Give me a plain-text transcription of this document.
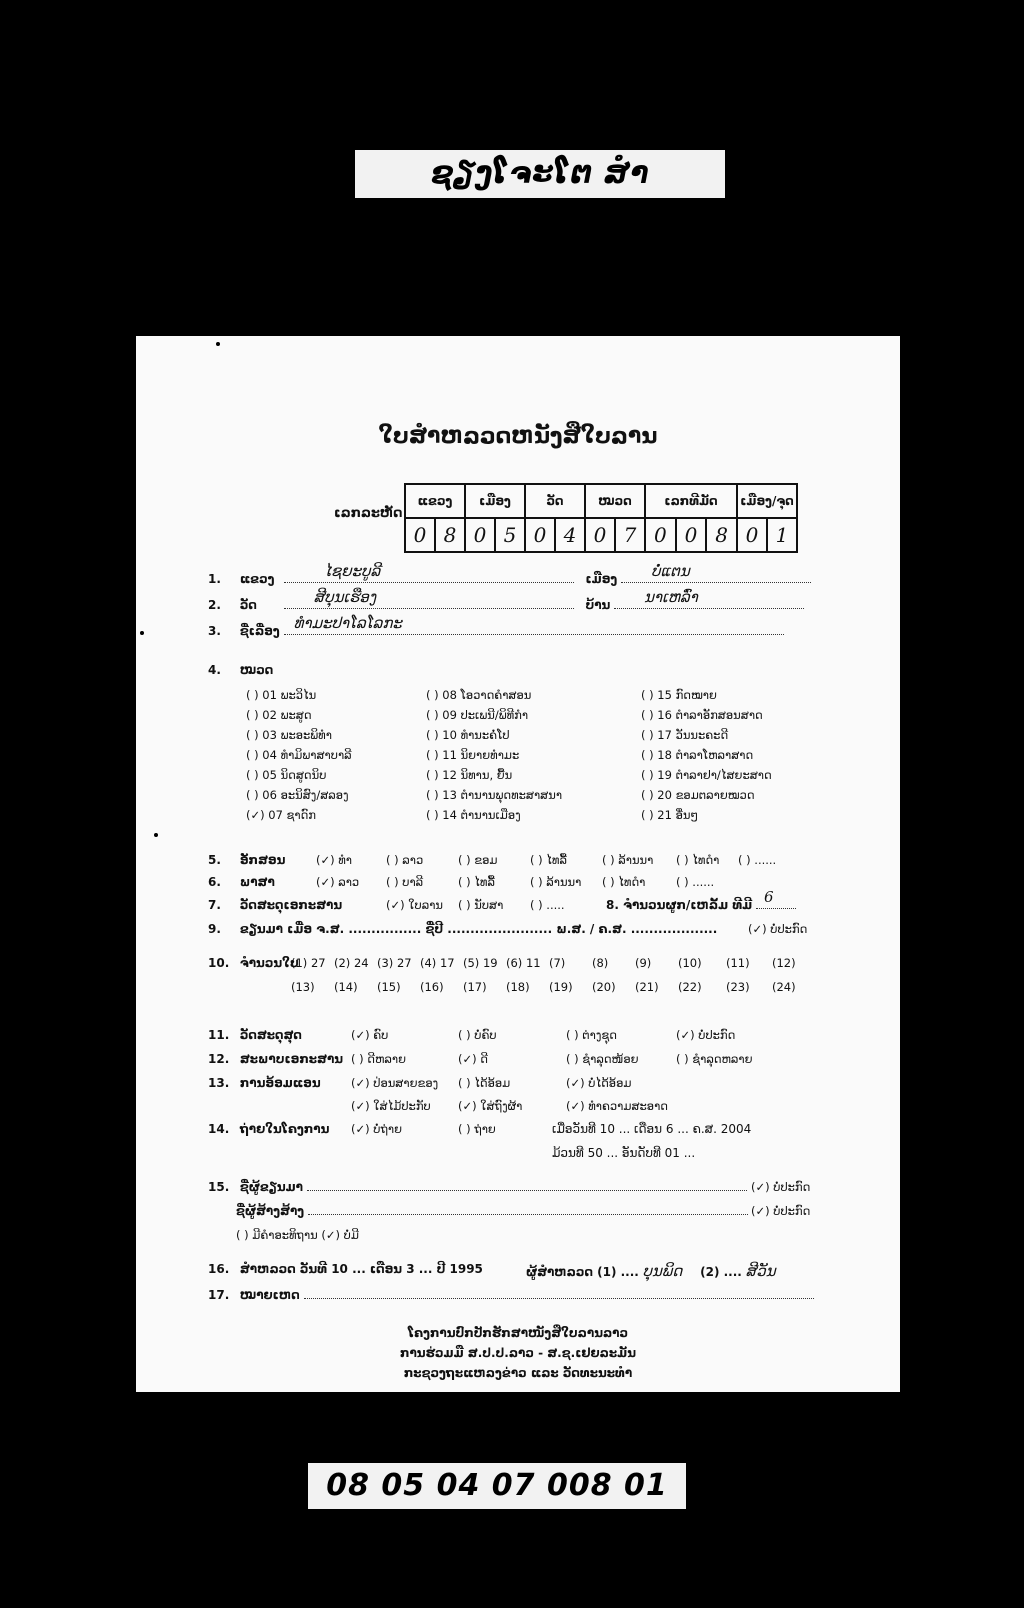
ຊຽງໂຈະໂຕ ສໍາ
ໃບສໍາຫລວດຫນັງສືໃບລານ
ເລກລະຫັດ
ແຂວງ	ເມືອງ	ວັດ	ໝວດ	ເລກທີມັດ	ເມືອງ/ຈຸດ
0	8	0	5	0	4	0	7	0	0	8	0	1
1. ແຂວງ	ໄຊຍະບູລີ	ເມືອງ ບໍ່ແຕນ
2. ວັດ	ສີບຸນເຮືອງ	ບ້ານ ນາເຫລົ່າ
3. ຊື່ເລື່ອງ ທໍາມະປາໂລໂລກະ
4. ໝວດ
( ) 01 ພະວິໄນ
( ) 02 ພະສູດ
( ) 03 ພະອະພິທໍາ
( ) 04 ທໍາມິພາສາບາລີ
( ) 05 ນິດສູດນິບ
( ) 06 ອະນິສົງ/ສລອງ
(✓) 07 ຊາດົກ
( ) 08 ໂອວາດຄໍາສອນ
( ) 09 ປະເພນີ/ພິທີກໍາ
( ) 10 ທໍານະຄໍ່ໂປ
( ) 11 ນິຍາຍທໍາມະ
( ) 12 ນິທານ, ຍື້ນ
( ) 13 ຕໍານານພຸດທະສາສນາ
( ) 14 ຕໍານານເມືອງ
( ) 15 ກົດໝາຍ
( ) 16 ຕໍາລາອັກສອນສາດ
( ) 17 ວັນນະຄະດີ
( ) 18 ຕໍາລາໂຫລາສາດ
( ) 19 ຕໍາລາຢາ/ໄສຍະສາດ
( ) 20 ຂອມຕລາຍໝວດ
( ) 21 ອື່ນໆ
5. ອັກສອນ	(✓) ທໍາ	( ) ລາວ	( ) ຂອມ	( ) ໄທລື້	( ) ລ້ານນາ ( ) ໄທດໍາ ( ) ......
6. ພາສາ	(✓) ລາວ ( ) ບາລີ	( ) ໄທລື້	( ) ລ້ານນາ ( ) ໄທດໍາ	( ) ......
7. ວັດສະດຸເອກະສານ	(✓) ໃບລານ ( ) ນັບສາ ( ) .....	8. ຈໍານວນຜູກ/ເຫລັ້ມ ທີມີ 6
9. ຂຽນມາ ເມື່ອ ຈ.ສ. ................ ຊື່ປີ ....................... ພ.ສ. / ຄ.ສ. ...................	(✓) ບໍ່ປະກົດ
10. ຈໍານວນໃບ
(1) 27 (2) 24 (3) 27 (4) 17 (5) 19 (6) 11 (7) (8) (9) (10) (11) (12)
(13) (14) (15) (16) (17) (18) (19) (20) (21) (22) (23) (24)
11. ວັດສະດຸສຸດ	(✓) ຄົບ	( ) ບໍ່ຄົບ	( ) ຕ່າງຊຸດ	(✓) ບໍ່ປະກົດ
12. ສະພາບເອກະສານ ( ) ດີຫລາຍ	(✓) ດີ	( ) ຊໍາລຸດໜ້ອຍ	( ) ຊໍາລຸດຫລາຍ
13. ການອ້ອມແອນ	(✓) ປ່ອນສາຍຂອງ ( ) ໄດ້ອ້ອມ	(✓) ບໍ່ໄດ້ອ້ອມ
(✓) ໃສ່ໄມ້ປະກັບ (✓) ໃສ່ຖົງຜ້າ	(✓) ທໍາຄວາມສະອາດ
14. ຖ່າຍໃນໂຄງການ (✓) ບໍ່ຖ່າຍ	( ) ຖ່າຍ	ເມື່ອວັນທີ 10 ... ເດືອນ 6 ... ຄ.ສ. 2004
ມ້ວນທີ 50 ... ອັນດັບທີ 01 ...
15. ຊື່ຜູ້ຂຽນມາ	(✓) ບໍ່ປະກົດ
ຊື່ຜູ້ສ້າງສ້າງ	(✓) ບໍ່ປະກົດ
( ) ມີຄໍາອະທິຖານ (✓) ບໍ່ມີ
16. ສໍາຫລວດ ວັນທີ 10 ... ເດືອນ 3 ... ປີ 1995	ຜູ້ສໍາຫລວດ (1) .... ບຸນພິດ (2) .... ສີວັນ
17. ໝາຍເຫດ
ໂຄງການປົກປັກຮັກສາໜັງສືໃບລານລາວ
ການຮ່ວມມື ສ.ປ.ປ.ລາວ - ສ.ຊ.ເຢຍລະມັນ
ກະຊວງຖະແຫລງຂ່າວ ແລະ ວັດທະນະທໍາ
08 05 04 07 008 01
